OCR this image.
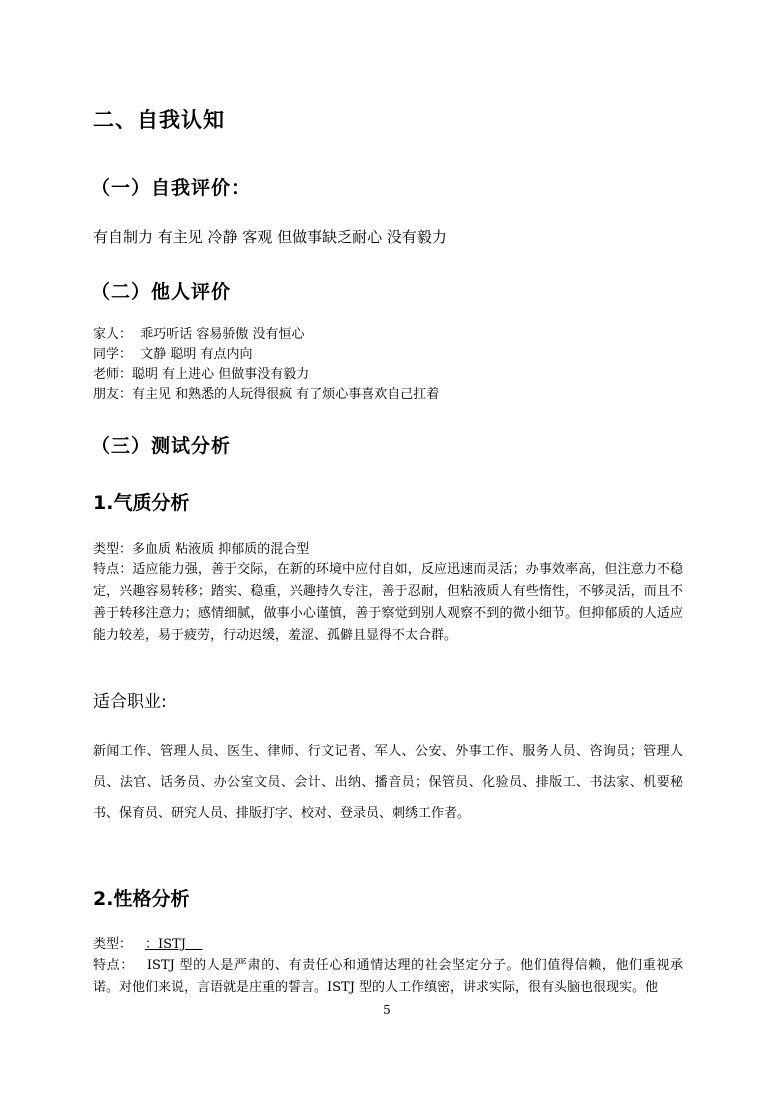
二、自我认知
（一）自我评价：
有自制力 有主见 冷静 客观 但做事缺乏耐心 没有毅力
（二）他人评价
家人：  乖巧听话 容易骄傲 没有恒心
同学：  文静 聪明 有点内向
老师：聪明 有上进心 但做事没有毅力
朋友：有主见 和熟悉的人玩得很疯 有了烦心事喜欢自己扛着
（三）测试分析
1.气质分析
类型：多血质 粘液质 抑郁质的混合型
特点：适应能力强，善于交际，在新的环境中应付自如，反应迅速而灵活；办事效率高，但注意力不稳定，兴趣容易转移；踏实、稳重，兴趣持久专注，善于忍耐，但粘液质人有些惰性，不够灵活，而且不善于转移注意力；感情细腻，做事小心谨慎，善于察觉到别人观察不到的微小细节。但抑郁质的人适应能力较差，易于疲劳，行动迟缓，羞涩、孤僻且显得不太合群。
适合职业:
新闻工作、管理人员、医生、律师、行文记者、军人、公安、外事工作、服务人员、咨询员；管理人员、法官、话务员、办公室文员、会计、出纳、播音员；保管员、化验员、排版工、书法家、机要秘书、保育员、研究人员、排版打字、校对、登录员、刺绣工作者。
2.性格分析
类型： ：ISTJ
特点： ISTJ 型的人是严肃的、有责任心和通情达理的社会坚定分子。他们值得信赖，他们重视承诺。对他们来说，言语就是庄重的誓言。ISTJ 型的人工作缜密，讲求实际，很有头脑也很现实。他
5
